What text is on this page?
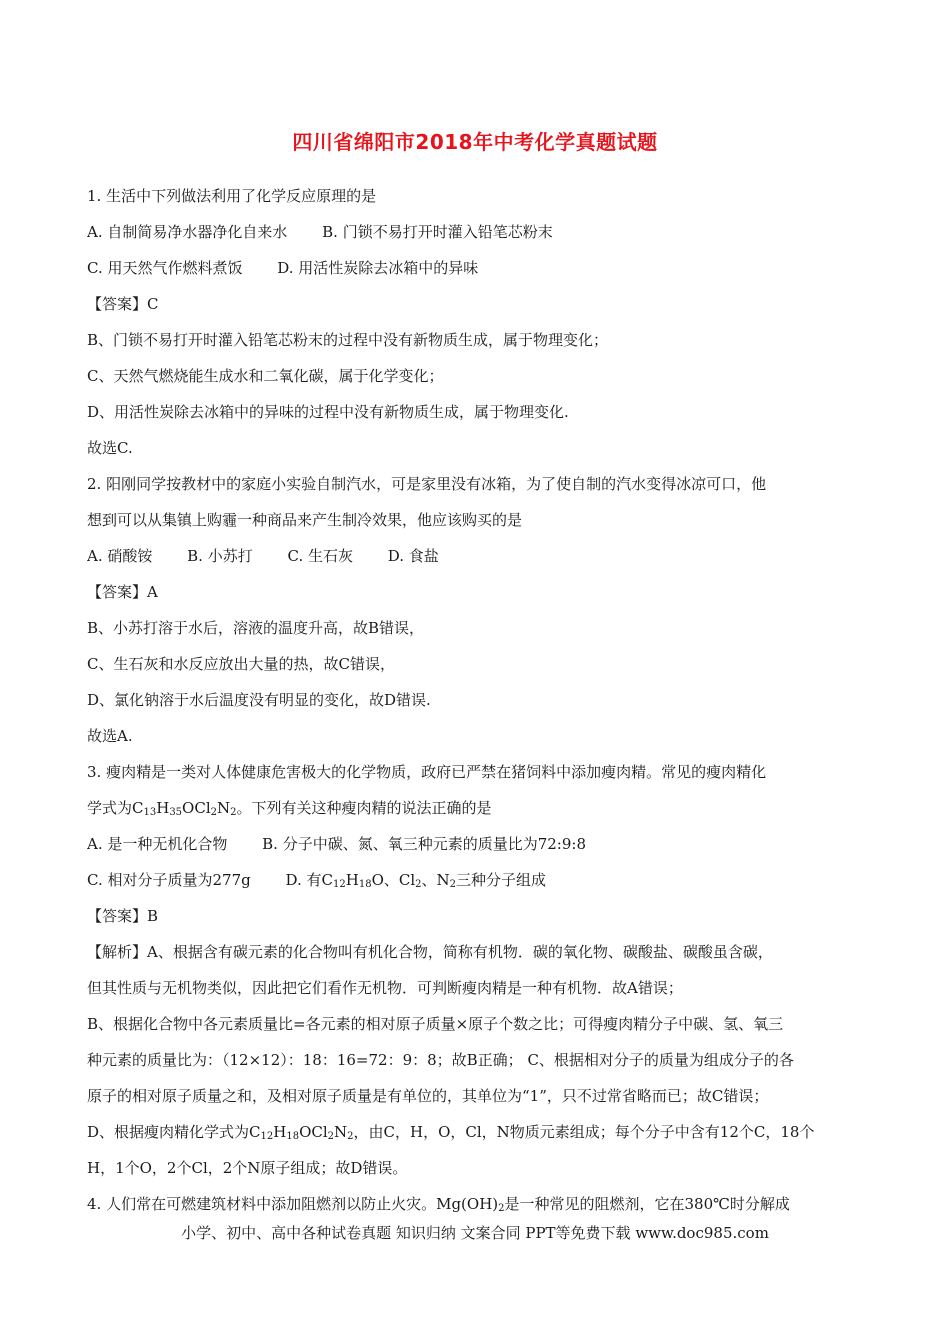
四川省绵阳市2018年中考化学真题试题
1. 生活中下列做法利用了化学反应原理的是
A. 自制简易净水器净化自来水 B. 门锁不易打开时灌入铅笔芯粉末
C. 用天然气作燃料煮饭 D. 用活性炭除去冰箱中的异味
【答案】C
B、门锁不易打开时灌入铅笔芯粉末的过程中没有新物质生成，属于物理变化；
C、天然气燃烧能生成水和二氧化碳，属于化学变化；
D、用活性炭除去冰箱中的异味的过程中没有新物质生成，属于物理变化.
故选C.
2. 阳刚同学按教材中的家庭小实验自制汽水，可是家里没有冰箱，为了使自制的汽水变得冰凉可口，他
想到可以从集镇上购霾一种商品来产生制冷效果，他应该购买的是
A. 硝酸铵 B. 小苏打 C. 生石灰 D. 食盐
【答案】A
B、小苏打溶于水后，溶液的温度升高，故B错误，
C、生石灰和水反应放出大量的热，故C错误，
D、氯化钠溶于水后温度没有明显的变化，故D错误.
故选A.
3. 瘦肉精是一类对人体健康危害极大的化学物质，政府已严禁在猪饲料中添加瘦肉精。常见的瘦肉精化
学式为$C_{13}H_{35}OCl_2N_2$。下列有关这种瘦肉精的说法正确的是
A. 是一种无机化合物 B. 分子中碳、氮、氧三种元素的质量比为72:9:8
C. 相对分子质量为277g D. 有$C_{12}H_{18}O$、$Cl_2$、$N_2$三种分子组成
【答案】B
【解析】A、根据含有碳元素的化合物叫有机化合物，简称有机物．碳的氧化物、碳酸盐、碳酸虽含碳，
但其性质与无机物类似，因此把它们看作无机物．可判断瘦肉精是一种有机物．故A错误；
B、根据化合物中各元素质量比=各元素的相对原子质量×原子个数之比；可得瘦肉精分子中碳、氢、氧三
种元素的质量比为：（12×12）：18：16=72：9：8；故B正确； C、根据相对分子的质量为组成分子的各
原子的相对原子质量之和，及相对原子质量是有单位的，其单位为“1”，只不过常省略而已；故C错误；
D、根据瘦肉精化学式为$C_{12}H_{18}OCl_2N_2$，由C，H，O，Cl，N物质元素组成；每个分子中含有12个C，18个
H，1个O，2个Cl，2个N原子组成；故D错误。
4. 人们常在可燃建筑材料中添加阻燃剂以防止火灾。$Mg(OH)_2$是一种常见的阻燃剂，它在380℃时分解成
小学、初中、高中各种试卷真题 知识归纳 文案合同 PPT等免费下载 www.doc985.com
